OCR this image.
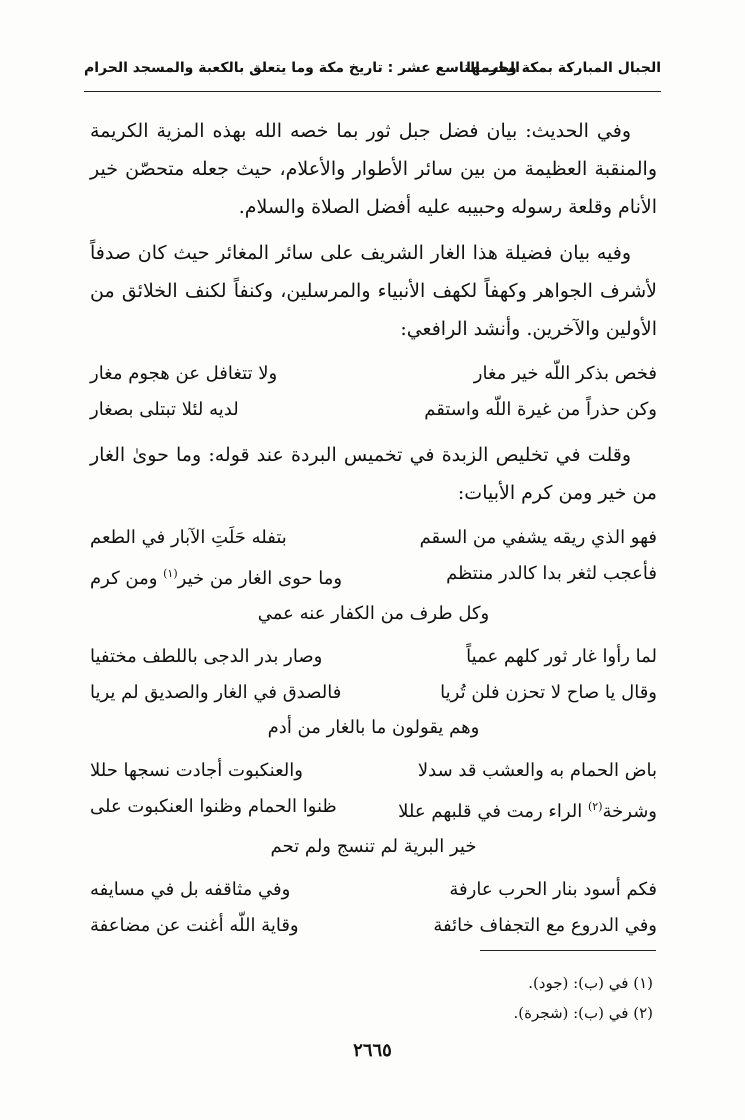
الجبال المباركة بمكة وحرمها
الباب التاسع عشر : تاريخ مكة وما يتعلق بالكعبة والمسجد الحرام

وفي الحديث: بيان فضل جبل ثور بما خصه الله بهذه المزية الكريمة والمنقبة العظيمة من بين سائر الأطوار والأعلام، حيث جعله متحصّن خير الأنام وقلعة رسوله وحبيبه عليه أفضل الصلاة والسلام.

وفيه بيان فضيلة هذا الغار الشريف على سائر المغائر حيث كان صدفاً لأشرف الجواهر وكهفاً لكهف الأنبياء والمرسلين، وكنفاً لكنف الخلائق من الأولين والآخرين. وأنشد الرافعي:

فخص بذكر اللّه خير مغار
ولا تتغافل عن هجوم مغار
وكن حذراً من غيرة اللّه واستقم
لديه لئلا تبتلى بصغار

وقلت في تخليص الزبدة في تخميس البردة عند قوله: وما حوىٰ الغار من خير ومن كرم الأبيات:

فهو الذي ريقه يشفي من السقم
بتفله حَلَتِ الآبار في الطعم
فأعجب لثغر بدا كالدر منتظم
وما حوى الغار من خير$^{(١)}$ ومن كرم
وكل طرف من الكفار عنه عمي
لما رأوا غار ثور كلهم عمياً
وصار بدر الدجى باللطف مختفيا
وقال يا صاح لا تحزن فلن تُريا
فالصدق في الغار والصديق لم يريا
وهم يقولون ما بالغار من أدم
باض الحمام به والعشب قد سدلا
والعنكبوت أجادت نسجها حللا
وشرخة$^{(٢)}$ الراء رمت في قلبهم عللا
ظنوا الحمام وظنوا العنكبوت على
خير البرية لم تنسج ولم تحم
فكم أسود بنار الحرب عارفة
وفي مثاقفه بل في مسايفه
وفي الدروع مع التجفاف خائفة
وقاية اللّه أغنت عن مضاعفة
(١) في (ب): (جود).
(٢) في (ب): (شجرة).
٢٦٦٥
